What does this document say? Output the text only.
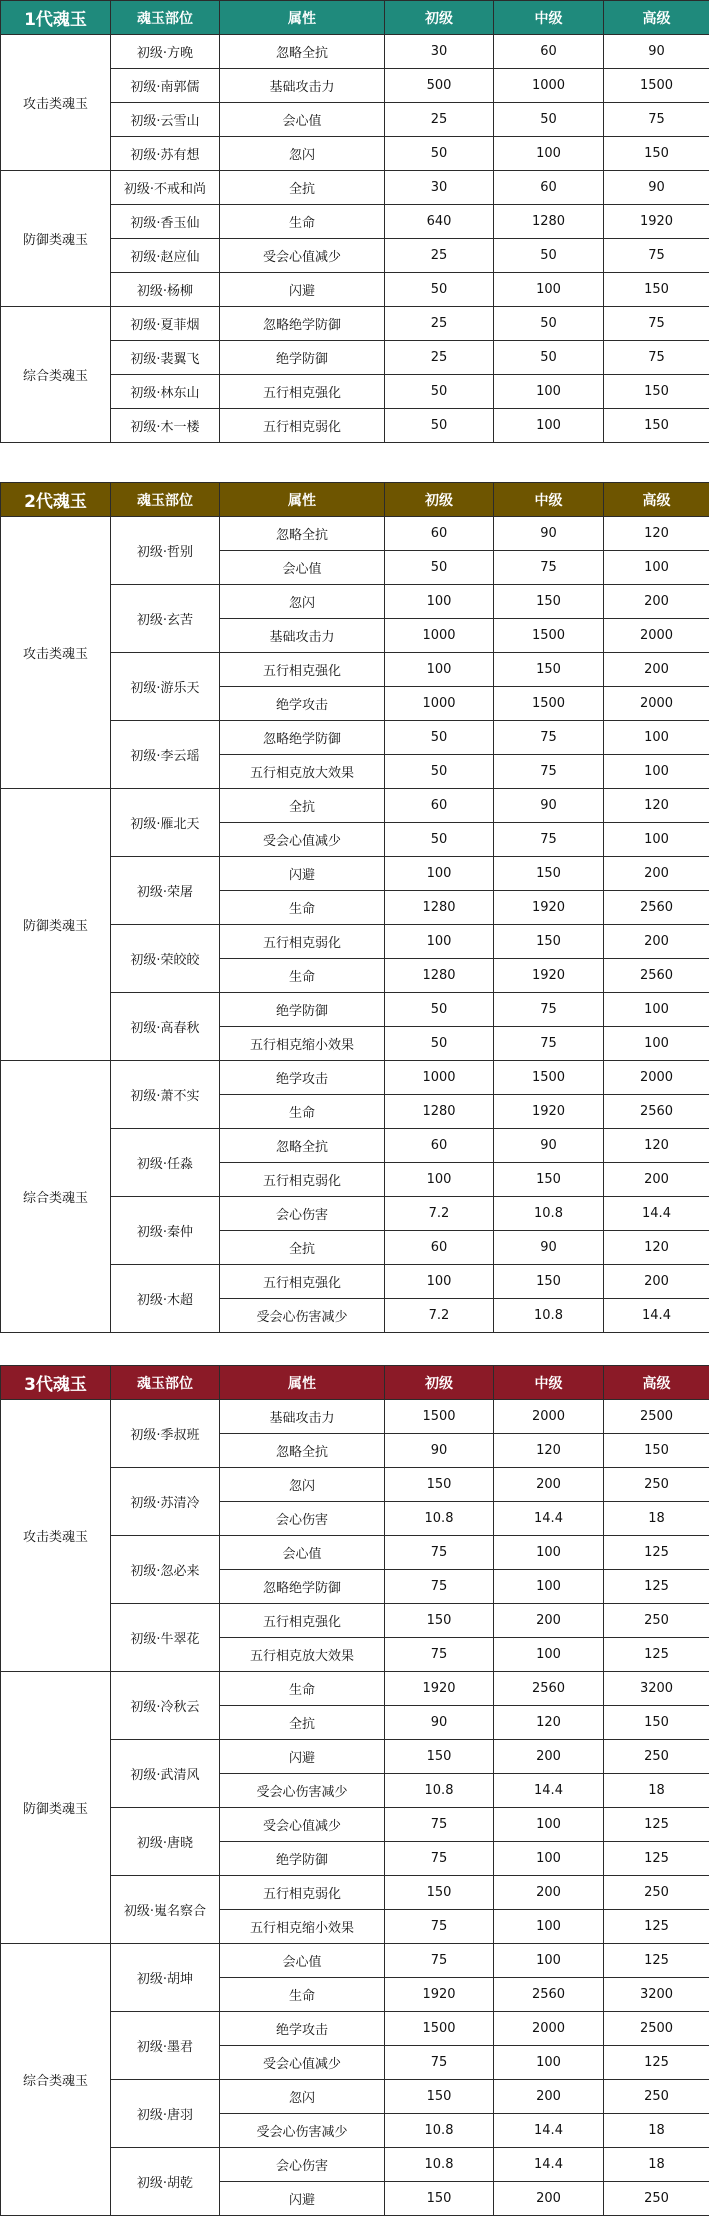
1代魂玉	魂玉部位	属性	初级	中级	高级
攻击类魂玉	初级·方晚	忽略全抗	30	60	90
	初级·南郭儒	基础攻击力	500	1000	1500
	初级·云雪山	会心值	25	50	75
	初级·苏有想	忽闪	50	100	150
防御类魂玉	初级·不戒和尚	全抗	30	60	90
	初级·香玉仙	生命	640	1280	1920
	初级·赵应仙	受会心值减少	25	50	75
	初级·杨柳	闪避	50	100	150
综合类魂玉	初级·夏菲烟	忽略绝学防御	25	50	75
	初级·裴翼飞	绝学防御	25	50	75
	初级·林东山	五行相克强化	50	100	150
	初级·木一楼	五行相克弱化	50	100	150
2代魂玉	魂玉部位	属性	初级	中级	高级
攻击类魂玉	初级·哲别	忽略全抗	60	90	120
		会心值	50	75	100
	初级·玄苦	忽闪	100	150	200
		基础攻击力	1000	1500	2000
	初级·游乐天	五行相克强化	100	150	200
		绝学攻击	1000	1500	2000
	初级·李云瑶	忽略绝学防御	50	75	100
		五行相克放大效果	50	75	100
防御类魂玉	初级·雁北天	全抗	60	90	120
		受会心值减少	50	75	100
	初级·荣屠	闪避	100	150	200
		生命	1280	1920	2560
	初级·荣皎皎	五行相克弱化	100	150	200
		生命	1280	1920	2560
	初级·高春秋	绝学防御	50	75	100
		五行相克缩小效果	50	75	100
综合类魂玉	初级·萧不实	绝学攻击	1000	1500	2000
		生命	1280	1920	2560
	初级·任淼	忽略全抗	60	90	120
		五行相克弱化	100	150	200
	初级·秦仲	会心伤害	7.2	10.8	14.4
		全抗	60	90	120
	初级·木超	五行相克强化	100	150	200
		受会心伤害减少	7.2	10.8	14.4
3代魂玉	魂玉部位	属性	初级	中级	高级
攻击类魂玉	初级·季叔班	基础攻击力	1500	2000	2500
		忽略全抗	90	120	150
	初级·苏清冷	忽闪	150	200	250
		会心伤害	10.8	14.4	18
	初级·忽必来	会心值	75	100	125
		忽略绝学防御	75	100	125
	初级·牛翠花	五行相克强化	150	200	250
		五行相克放大效果	75	100	125
防御类魂玉	初级·冷秋云	生命	1920	2560	3200
		全抗	90	120	150
	初级·武清风	闪避	150	200	250
		受会心伤害减少	10.8	14.4	18
	初级·唐晓	受会心值减少	75	100	125
		绝学防御	75	100	125
	初级·嵬名察合	五行相克弱化	150	200	250
		五行相克缩小效果	75	100	125
综合类魂玉	初级·胡坤	会心值	75	100	125
		生命	1920	2560	3200
	初级·墨君	绝学攻击	1500	2000	2500
		受会心值减少	75	100	125
	初级·唐羽	忽闪	150	200	250
		受会心伤害减少	10.8	14.4	18
	初级·胡乾	会心伤害	10.8	14.4	18
		闪避	150	200	250
